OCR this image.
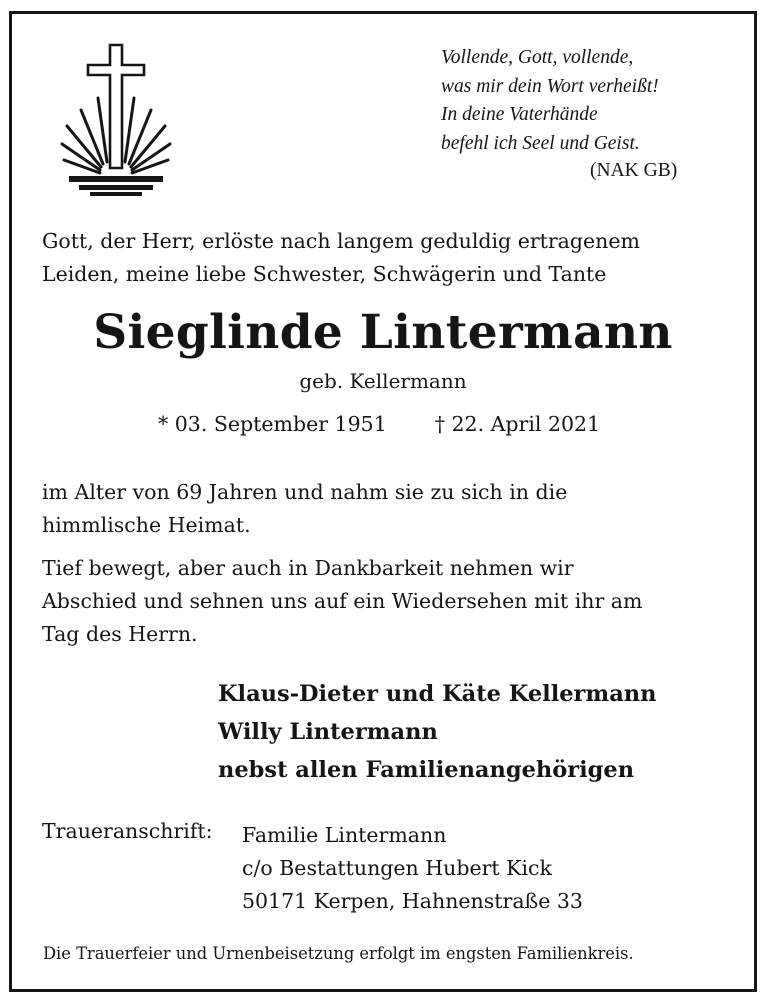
Vollende, Gott, vollende,
was mir dein Wort verheißt!
In deine Vaterhände
befehl ich Seel und Geist.
(NAK GB)
Gott, der Herr, erlöste nach langem geduldig ertragenem
Leiden, meine liebe Schwester, Schwägerin und Tante
Sieglinde Lintermann
geb. Kellermann
* 03. September 1951 † 22. April 2021
im Alter von 69 Jahren und nahm sie zu sich in die
himmlische Heimat.
Tief bewegt, aber auch in Dankbarkeit nehmen wir
Abschied und sehnen uns auf ein Wiedersehen mit ihr am
Tag des Herrn.
Klaus-Dieter und Käte Kellermann
Willy Lintermann
nebst allen Familienangehörigen
Traueranschrift: Familie Lintermann
c/o Bestattungen Hubert Kick
50171 Kerpen, Hahnenstraße 33
Die Trauerfeier und Urnenbeisetzung erfolgt im engsten Familienkreis.
